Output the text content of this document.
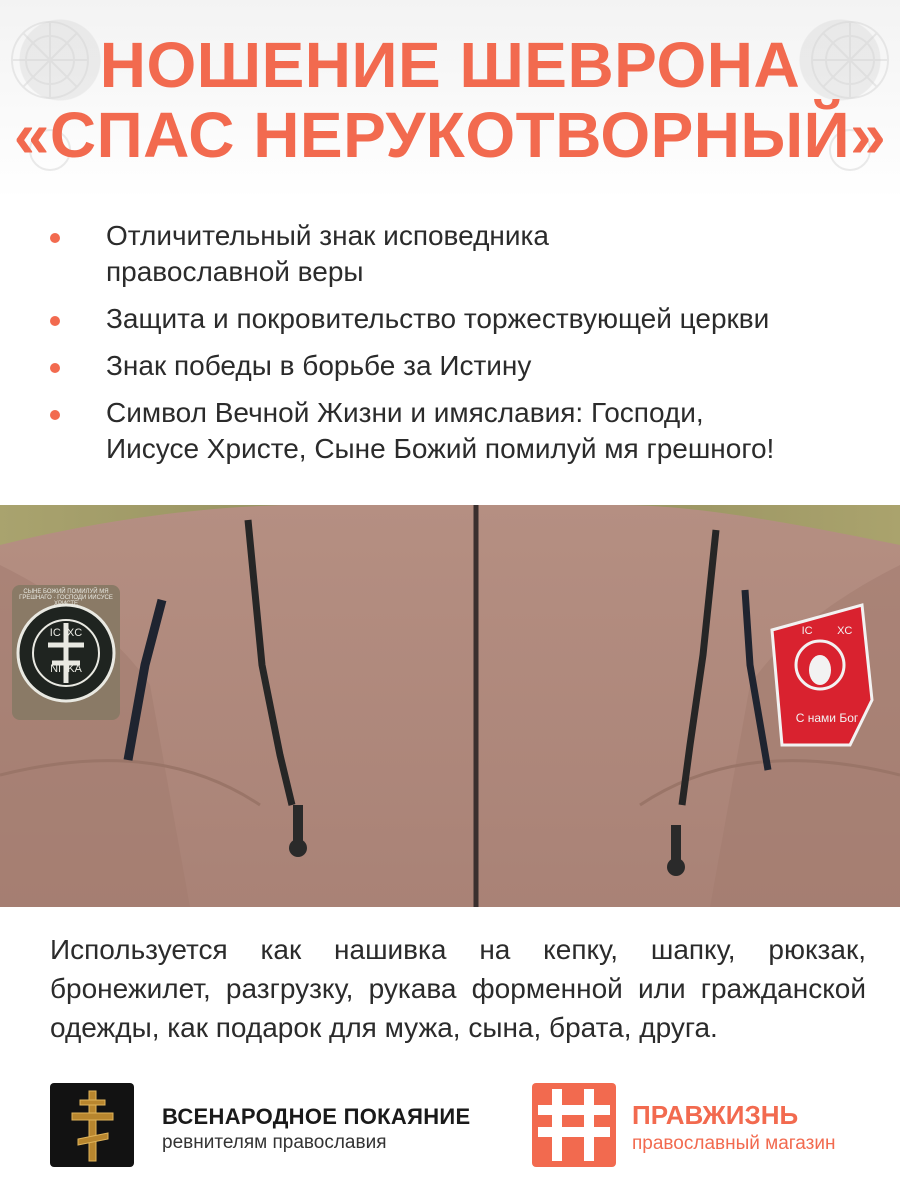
НОШЕНИЕ ШЕВРОНА
«СПАС НЕРУКОТВОРНЫЙ»
Отличительный знак исповедника
православной веры
Защита и покровительство торжествующей церкви
Знак победы в борьбе за Истину
Символ Вечной Жизни и имяславия: Господи,
Иисусе Христе, Сыне Божий помилуй мя грешного!
IC XC

NI KA
СЫНЕ БОЖИЙ ПОМИЛУЙ МЯ ГРЕШНАГО · ГОСПОДИ ИИСУСЕ ХРИСТЕ
IC XC
С нами Бог
Используется как нашивка на кепку, шапку, рюкзак,
бронежилет, разгрузку, рукава форменной или гражданской
одежды, как подарок для мужа, сына, брата, друга.
ВСЕНАРОДНОЕ ПОКАЯНИЕ
ревнителям православия
ПРАВЖИЗНЬ
православный магазин
